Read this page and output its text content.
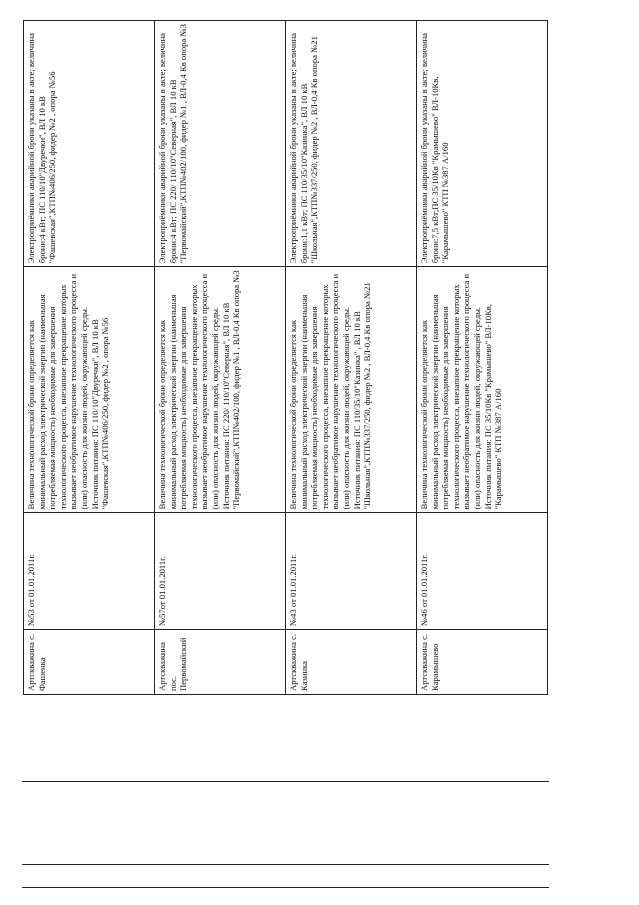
Артскважина с. Фашенка	№53 от 01.01.2011г.	Величина технологической брони определяется как минимальный расход электрической энергии (наименьшая потребляемая мощность) необходимые для завершения технологического процесса, внезапное прекращение которых вызывает необратимое нарушение технологического процесса и (или) опасность для жизни людей, окружающей среды. Источник питания: ПС 110/10"Двуречки", ВЛ 10 кВ "Фашевская",КТП№406/250, фидер №2 , опора №56	Электроприёмники аварийной брони указаны в акте; величина брони:4 кВт; ПС 110/10"Двуречки", ВЛ 10 кВ "Фашевская",КТП№406/250, фидер №2 , опора №56
Артскважина пос. Первомайский	№57от 01.01.2011г.	Величина технологической брони определяется как минимальный расход электрической энергии (наименьшая потребляемая мощность) необходимые для завершения технологического процесса, внезапное прекращение которых вызывает необратимое нарушение технологического процесса и (или) опасность для жизни людей, окружающей среды. Источник питания: ПС 220/ 110/10"Северная", ВЛ 10 кВ "Первомайский",КТП№402/100, фидер №1 , ВЛ-0,4 Кв опора №3	Электроприёмники аварийной брони указаны в акте; величина брони:4 кВт; ПС 220/ 110/10"Северная", ВЛ 10 кВ "Первомайский",КТП№402/100, фидер №1 , ВЛ-0,4 Кв опора №3
Артскважина с. Казинка	№43 от 01.01.2011г.	Величина технологической брони определяется как минимальный расход электрической энергии (наименьшая потребляемая мощность) необходимые для завершения технологического процесса, внезапное прекращение которых вызывает необратимое нарушение технологического процесса и (или) опасность для жизни людей, окружающей среды. Источник питания: ПС 110/35/10"Казинка" , ВЛ 10 кВ "Школьная",КТП№337/250, фидер №2 , ВЛ-0,4 Кв опора №21	Электроприёмники аварийной брони указаны в акте; величина брони:1,1 кВт; ПС 110/35/10"Казинка", ВЛ 10 кВ "Школьная",КТП№337/250, фидер №2 , ВЛ-0,4 Кв опора №21
Артскважина с. Карамышево	№46 от 01.01.2011г.	Величина технологической брони определяется как минимальный расход электрической энергии (наименьшая потребляемая мощность) необходимые для завершения технологического процесса, внезапное прекращение которых вызывает необратимое нарушение технологического процесса и (или) опасность для жизни людей, окружающей среды. Источник питания: ПС 35/10Кв "Крамышево" ВЛ-10Кв, "Карамышево" КТП №387 А/160	Электроприёмники аварийной брони указаны в акте; величина брони:7,5 кВт;ПС 35/10Кв "Крамышево" ВЛ-10Кв, "Карамышево" КТП №387 А/160
